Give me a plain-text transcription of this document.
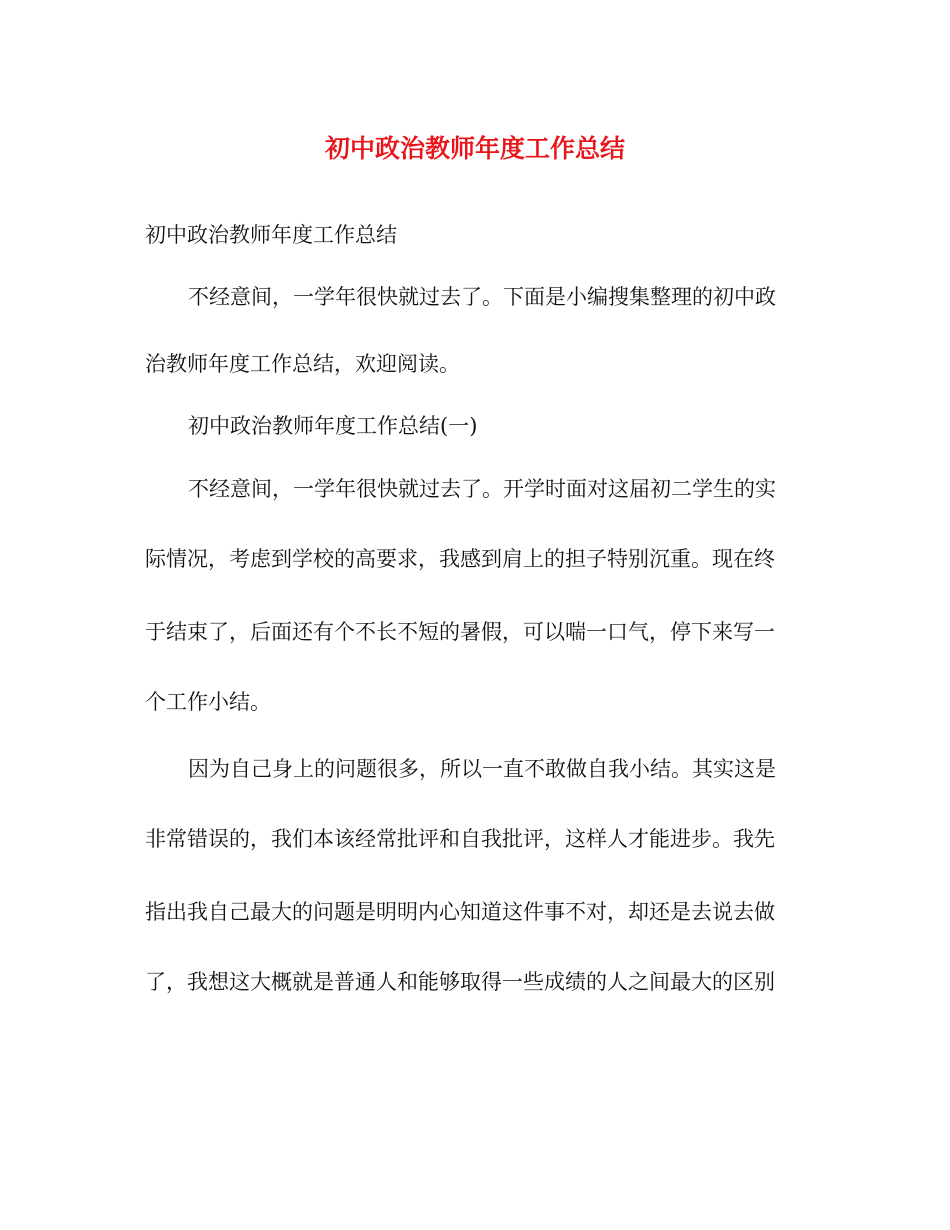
初中政治教师年度工作总结
初中政治教师年度工作总结
不经意间，一学年很快就过去了。下面是小编搜集整理的初中政
治教师年度工作总结，欢迎阅读。
初中政治教师年度工作总结(一)
不经意间，一学年很快就过去了。开学时面对这届初二学生的实
际情况，考虑到学校的高要求，我感到肩上的担子特别沉重。现在终
于结束了，后面还有个不长不短的暑假，可以喘一口气，停下来写一
个工作小结。
因为自己身上的问题很多，所以一直不敢做自我小结。其实这是
非常错误的，我们本该经常批评和自我批评，这样人才能进步。我先
指出我自己最大的问题是明明内心知道这件事不对，却还是去说去做
了，我想这大概就是普通人和能够取得一些成绩的人之间最大的区别
